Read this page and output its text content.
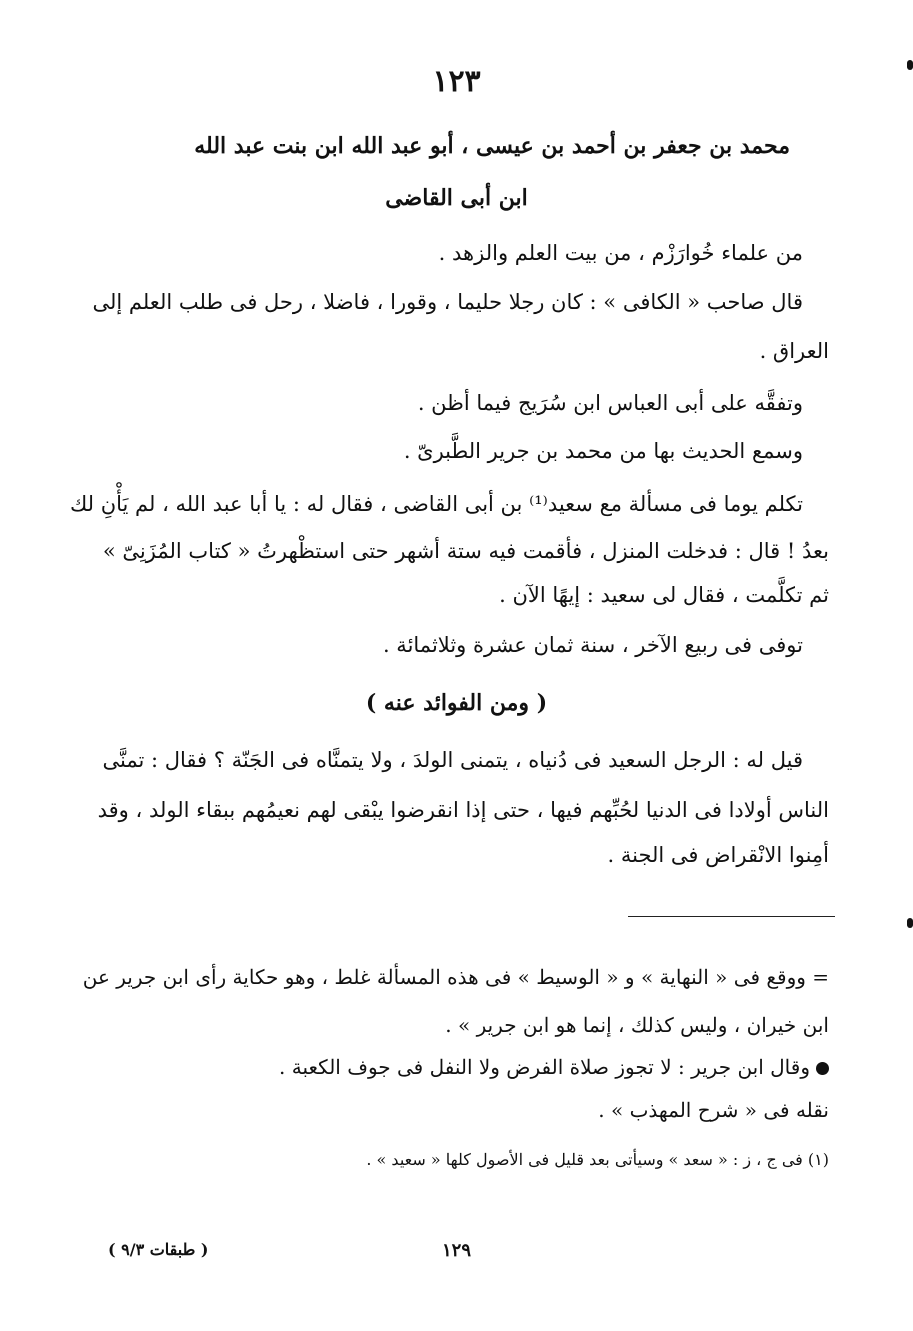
١٢٣
محمد بن جعفر بن أحمد بن عيسى ، أبو عبد الله ابن بنت عبد الله
ابن أبى القاضى
من علماء خُوارَزْم ، من بيت العلم والزهد .
قال صاحب « الكافى » : كان رجلا حليما ، وقورا ، فاضلا ، رحل فى طلب العلم إلى
العراق .
وتفقَّه على أبى العباس ابن سُرَيج فيما أظن .
وسمع الحديث بها من محمد بن جرير الطَّبرىّ .
تكلم يوما فى مسألة مع سعيد⁽¹⁾ بن أبى القاضى ، فقال له : يا أبا عبد الله ، لم يَأْنِ لك
بعدُ ! قال : فدخلت المنزل ، فأقمت فيه ستة أشهر حتى استظْهرتُ « كتاب المُزَنِىّ »
ثم تكلَّمت ، فقال لى سعيد : إيهًا الآن .
توفى فى ربيع الآخر ، سنة ثمان عشرة وثلاثمائة .
( ومن الفوائد عنه )
قيل له : الرجل السعيد فى دُنياه ، يتمنى الولدَ ، ولا يتمنَّاه فى الجَنّة ؟ فقال : تمنَّى
الناس أولادا فى الدنيا لحُبِّهم فيها ، حتى إذا انقرضوا يبْقى لهم نعيمُهم ببقاء الولد ، وقد
أمِنوا الانْقراض فى الجنة .
= ووقع فى « النهاية » و « الوسيط » فى هذه المسألة غلط ، وهو حكاية رأى ابن جرير عن
ابن خيران ، وليس كذلك ، إنما هو ابن جرير » .
وقال ابن جرير : لا تجوز صلاة الفرض ولا النفل فى جوف الكعبة .
نقله فى « شرح المهذب » .
(١) فى ج ، ز : « سعد » وسيأتى بعد قليل فى الأصول كلها « سعيد » .
١٢٩
( طبقات ٩/٣ )
